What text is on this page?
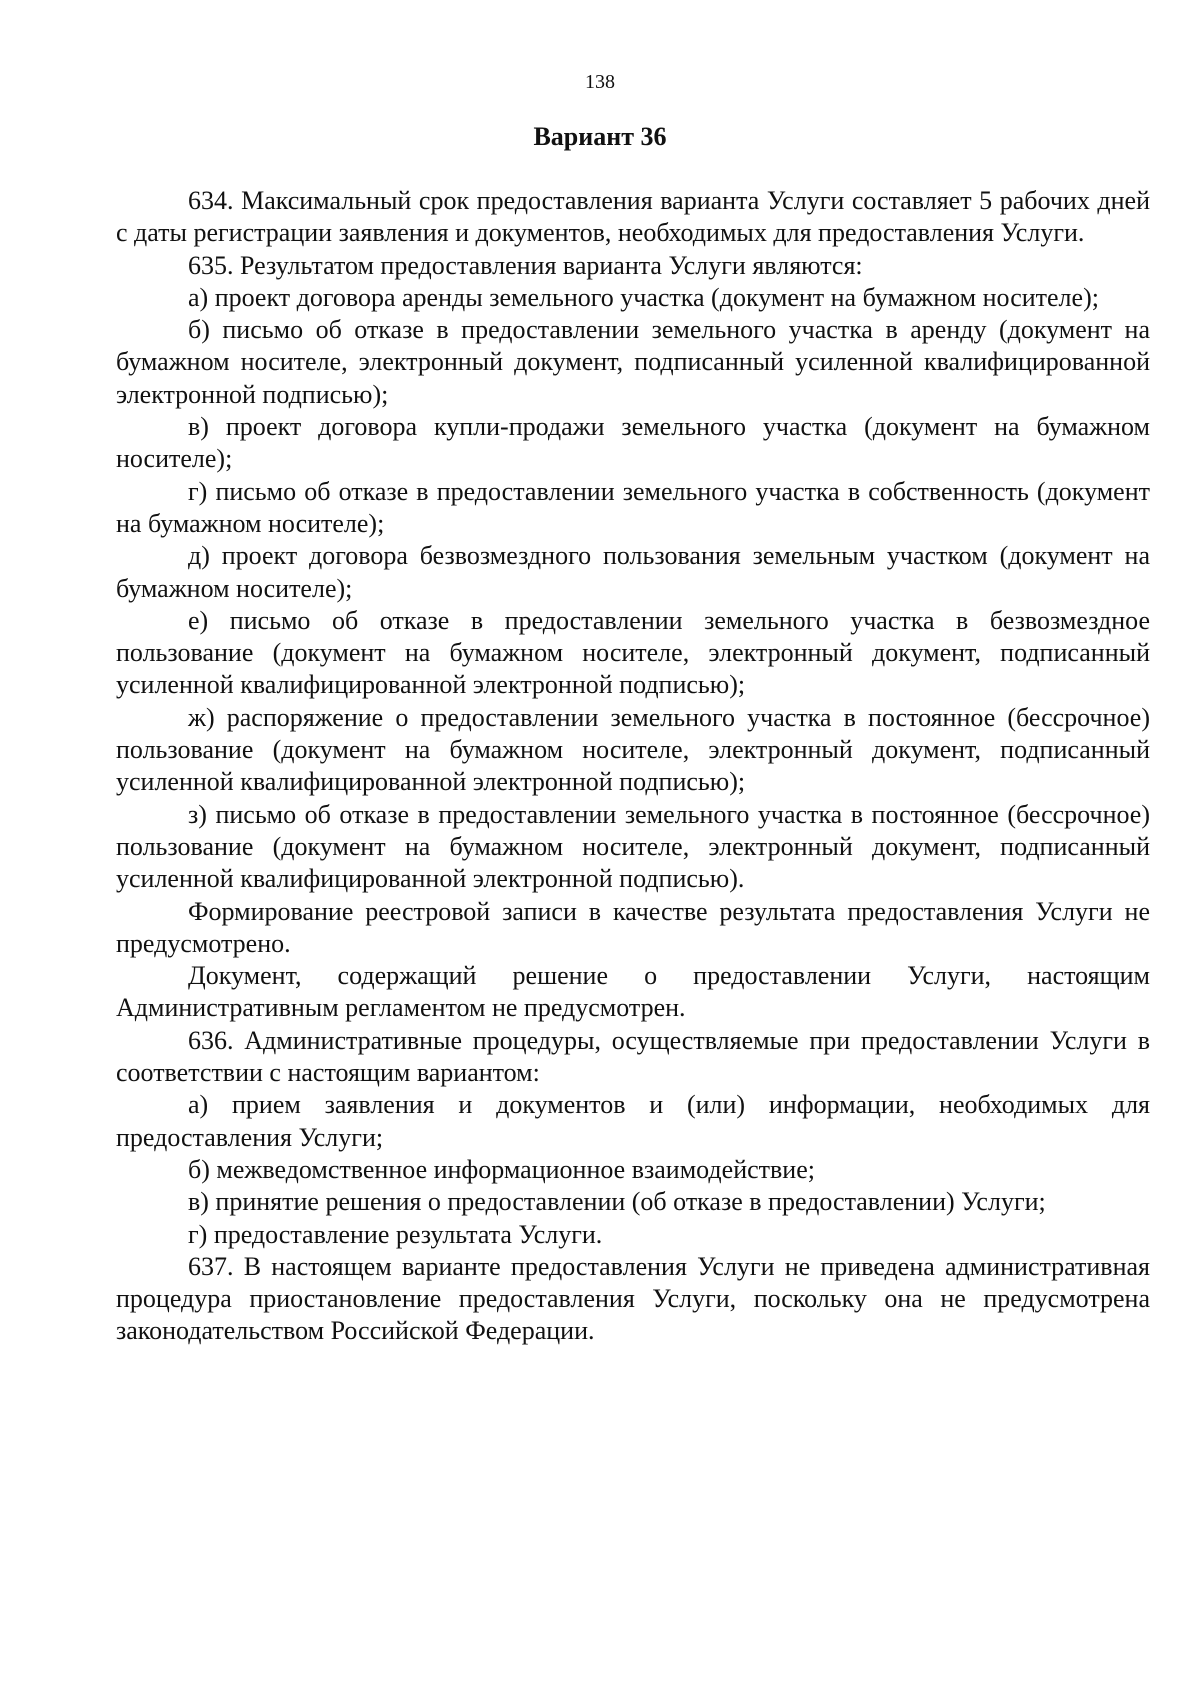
138
Вариант 36

634. Максимальный срок предоставления варианта Услуги составляет 5 рабочих дней с даты регистрации заявления и документов, необходимых для предоставления Услуги.

635. Результатом предоставления варианта Услуги являются:

а) проект договора аренды земельного участка (документ на бумажном носителе);

б) письмо об отказе в предоставлении земельного участка в аренду (документ на бумажном носителе, электронный документ, подписанный усиленной квалифицированной электронной подписью);

в) проект договора купли-продажи земельного участка (документ на бумажном носителе);

г) письмо об отказе в предоставлении земельного участка в собственность (документ на бумажном носителе);

д) проект договора безвозмездного пользования земельным участком (документ на бумажном носителе);

е) письмо об отказе в предоставлении земельного участка в безвозмездное пользование (документ на бумажном носителе, электронный документ, подписанный усиленной квалифицированной электронной подписью);

ж) распоряжение о предоставлении земельного участка в постоянное (бессрочное) пользование (документ на бумажном носителе, электронный документ, подписанный усиленной квалифицированной электронной подписью);

з) письмо об отказе в предоставлении земельного участка в постоянное (бессрочное) пользование (документ на бумажном носителе, электронный документ, подписанный усиленной квалифицированной электронной подписью).

Формирование реестровой записи в качестве результата предоставления Услуги не предусмотрено.

Документ, содержащий решение о предоставлении Услуги, настоящим Административным регламентом не предусмотрен.

636. Административные процедуры, осуществляемые при предоставлении Услуги в соответствии с настоящим вариантом:

а) прием заявления и документов и (или) информации, необходимых для предоставления Услуги;

б) межведомственное информационное взаимодействие;

в) принятие решения о предоставлении (об отказе в предоставлении) Услуги;

г) предоставление результата Услуги.

637. В настоящем варианте предоставления Услуги не приведена административная процедура приостановление предоставления Услуги, поскольку она не предусмотрена законодательством Российской Федерации.
